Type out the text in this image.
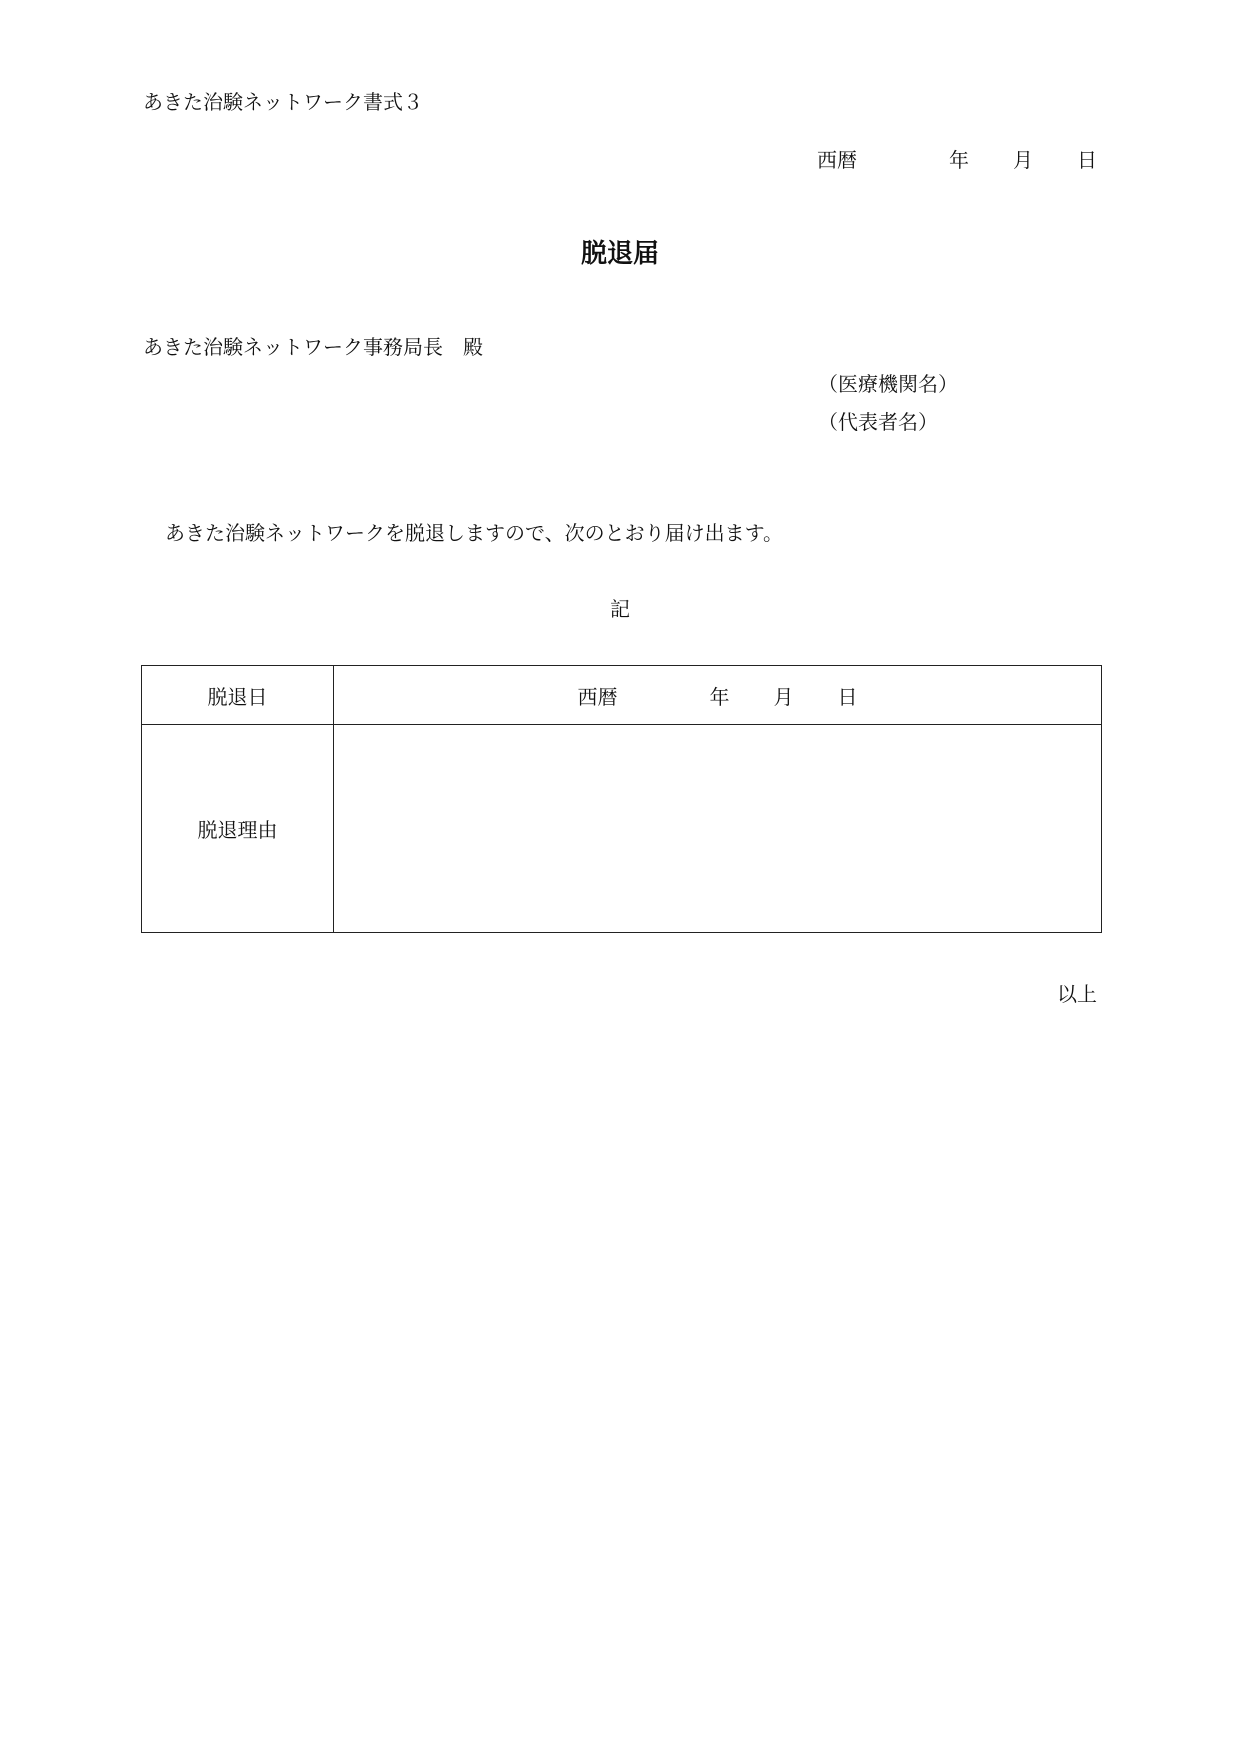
あきた治験ネットワーク書式３
西暦	年 月 日
脱退届
あきた治験ネットワーク事務局長　殿
（医療機関名）
（代表者名）
あきた治験ネットワークを脱退しますので、次のとおり届け出ます。
記
脱退日	西暦 年 月 日
脱退理由	
以上
